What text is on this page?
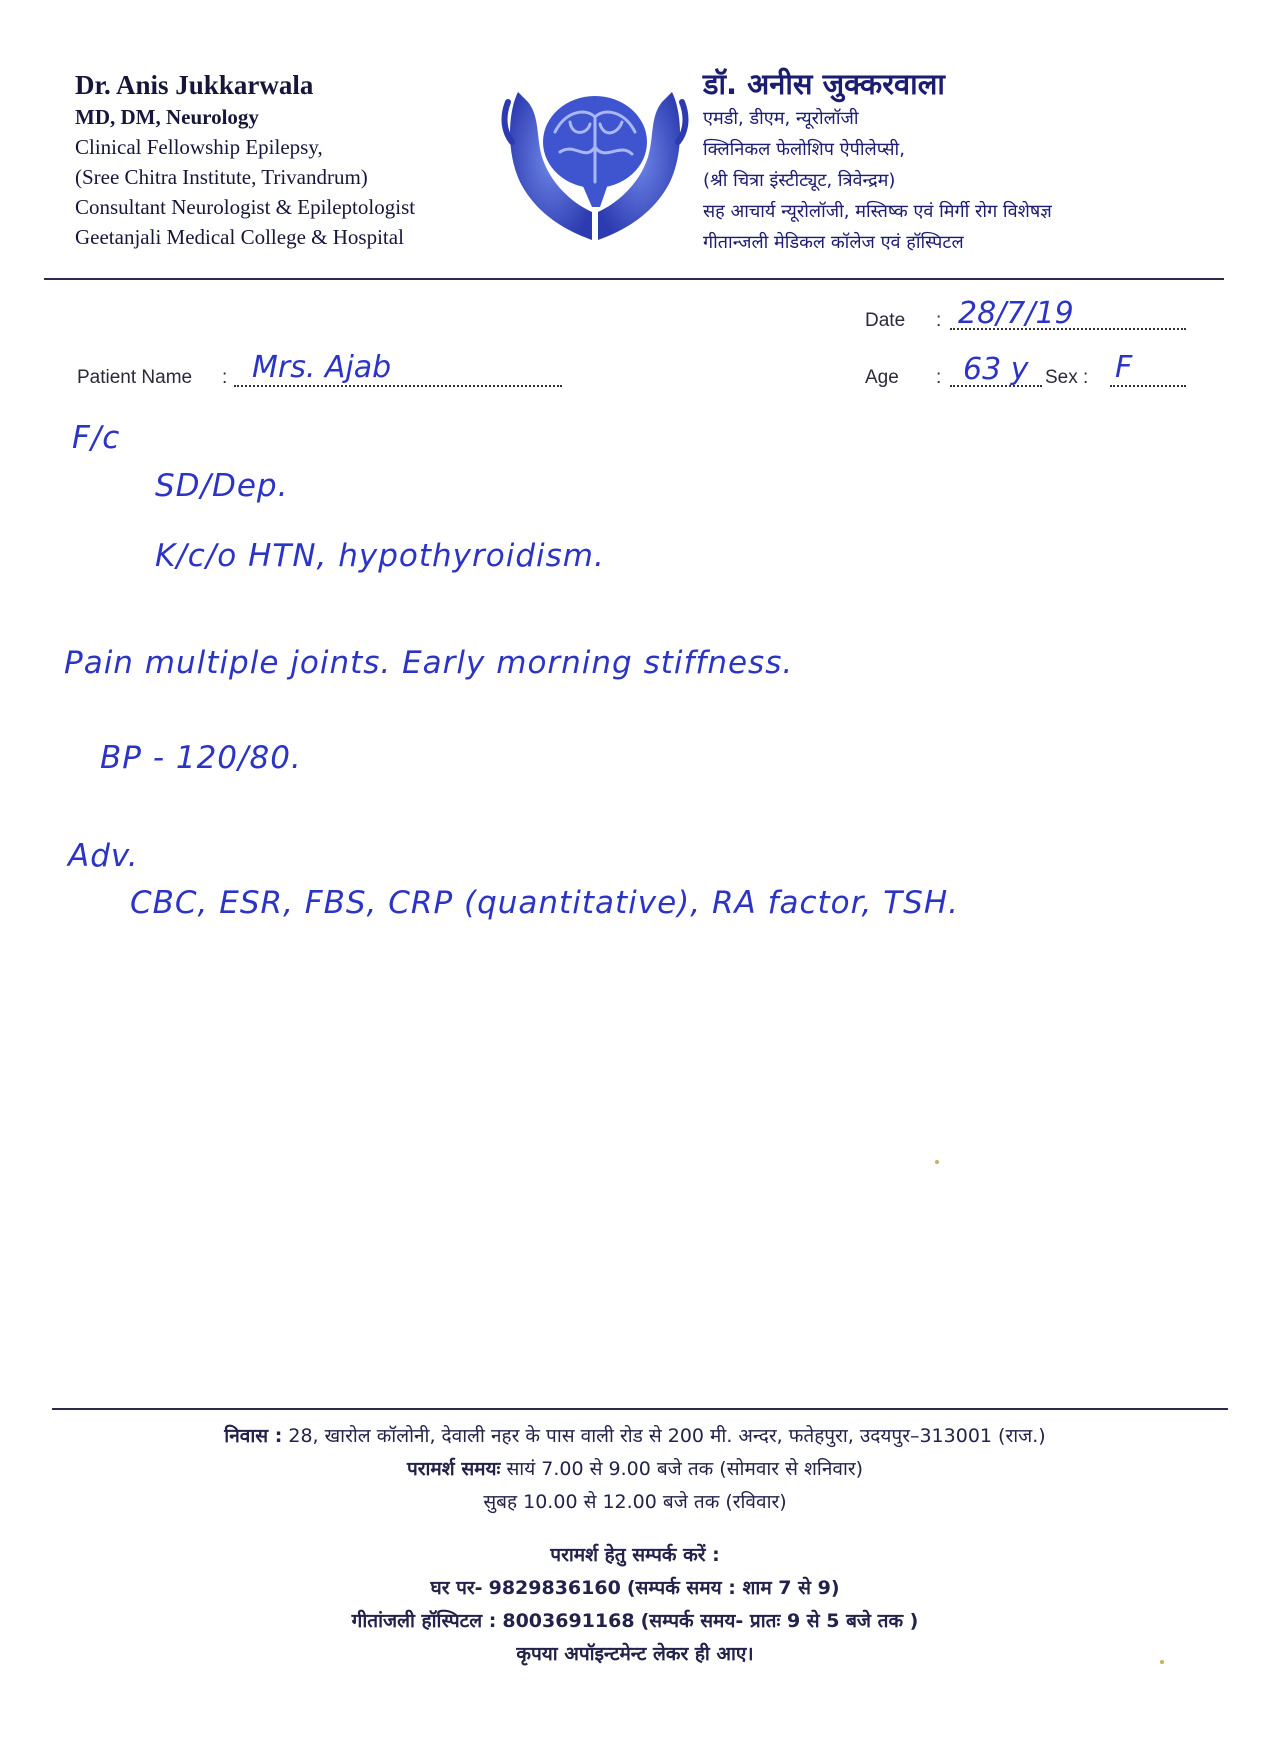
Dr. Anis Jukkarwala
MD, DM, Neurology
Clinical Fellowship Epilepsy,
(Sree Chitra Institute, Trivandrum)
Consultant Neurologist & Epileptologist
Geetanjali Medical College & Hospital
डॉ. अनीस जुक्करवाला
एमडी, डीएम, न्यूरोलॉजी
क्लिनिकल फेलोशिप ऐपीलेप्सी,
(श्री चित्रा इंस्टीट्यूट, त्रिवेन्द्रम)
सह आचार्य न्यूरोलॉजी, मस्तिष्क एवं मिर्गी रोग विशेषज्ञ
गीतान्जली मेडिकल कॉलेज एवं हॉस्पिटल
Date : 28/7/19
Patient Name : Mrs. Ajab	Age : 63 y Sex : F
F/c
SD/Dep.
K/c/o HTN, hypothyroidism.
Pain multiple joints. Early morning stiffness.
BP - 120/80.
Adv.
CBC, ESR, FBS, CRP (quantitative), RA factor, TSH.
निवास : 28, खारोल कॉलोनी, देवाली नहर के पास वाली रोड से 200 मी. अन्दर, फतेहपुरा, उदयपुर–313001 (राज.)
परामर्श समयः सायं 7.00 से 9.00 बजे तक (सोमवार से शनिवार)
सुबह 10.00 से 12.00 बजे तक (रविवार)
परामर्श हेतु सम्पर्क करें :
घर पर- 9829836160 (सम्पर्क समय : शाम 7 से 9)
गीतांजली हॉस्पिटल : 8003691168 (सम्पर्क समय- प्रातः 9 से 5 बजे तक )
कृपया अपॉइन्टमेन्ट लेकर ही आए।
